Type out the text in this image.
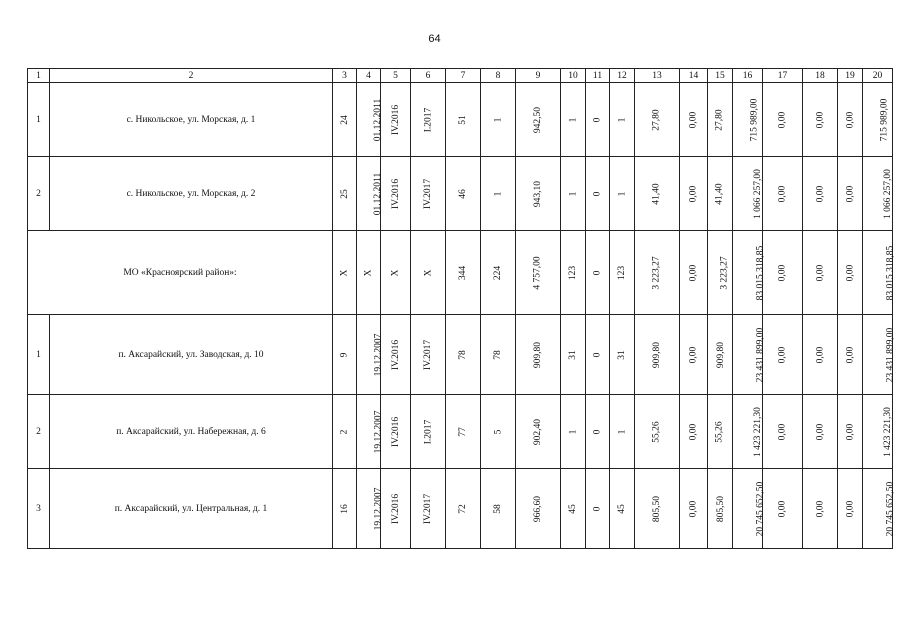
64
1	2	3	4	5	6	7	8	9	10	11	12	13	14	15	16	17	18	19	20
1	с. Никольское, ул. Морская, д. 1	24	01.12.2011	IV.2016	I.2017	51	1	942,50	1	0	1	27,80	0,00	27,80	715 989,00	0,00	0,00	0,00	715 989,00
2	с. Никольское, ул. Морская, д. 2	25	01.12.2011	IV.2016	IV.2017	46	1	943,10	1	0	1	41,40	0,00	41,40	1 066 257,00	0,00	0,00	0,00	1 066 257,00
МО «Красноярский район»:		X	X	X	X	344	224	4 757,00	123	0	123	3 223,27	0,00	3 223,27	83 015 318,85	0,00	0,00	0,00	83 015 318,85
1	п. Аксарайский, ул. Заводская, д. 10	9	19.12.2007	IV.2016	IV.2017	78	78	909,80	31	0	31	909,80	0,00	909,80	23 431 899,00	0,00	0,00	0,00	23 431 899,00
2	п. Аксарайский, ул. Набережная, д. 6	2	19.12.2007	IV.2016	I.2017	77	5	902,40	1	0	1	55,26	0,00	55,26	1 423 221,30	0,00	0,00	0,00	1 423 221,30
3	п. Аксарайский, ул. Центральная, д. 1	16	19.12.2007	IV.2016	IV.2017	72	58	966,60	45	0	45	805,50	0,00	805,50	20 745 652,50	0,00	0,00	0,00	20 745 652,50
